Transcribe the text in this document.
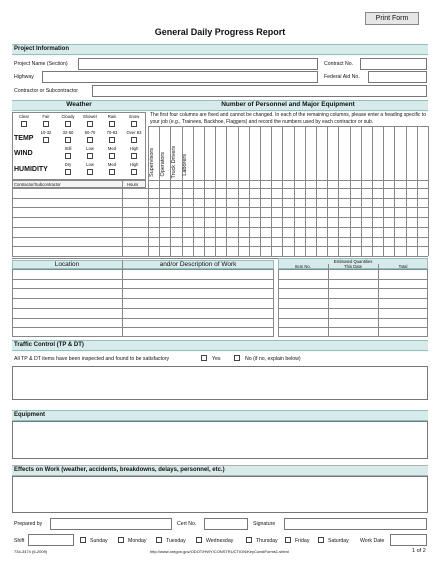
Print Form
General Daily Progress Report
Project Information
Project Name (Section)	Contract No.
Highway	Federal Aid No.
Contractor or Subcontractor
Weather	Number of Personnel and Major Equipment
Clear	Fair	Cloudy	Shower	Rain	Snow
10-32	32-50	50-70	70-83	Over 83
Still	Low	Med	High
Dry	Low	Med	High
TEMP
WIND
HUMIDITY
The first four columns are fixed and cannot be changed. In each of the remaining columns, please enter a heading specific to your job (e.g., Trainees, Backhoe, Flaggers) and record the numbers used by each contractor or sub.
Contractor/Subcontractor	Hours
Supervisors Operators Truck Drivers Laborers
Location	and/or Description of Work	Estimated Quantities
Item No.	This Date	Total
Traffic Control (TP & DT)
All TP & DT items have been inspected and found to be satisfactory	Yes	No (if no, explain below)
Equipment
Effects on Work (weather, accidents, breakdowns, delays, personnel, etc.)
Prepared by	Cert No.	Signature
Shift	Sunday	Monday	Tuesday	Wednesday	Thursday	Friday	Saturday Work Date
734-3474 (6-2009)	http://www.oregon.gov/ODOT/HWY/CONSTRUCTION/KeyConstForms1.shtml	1 of 2
